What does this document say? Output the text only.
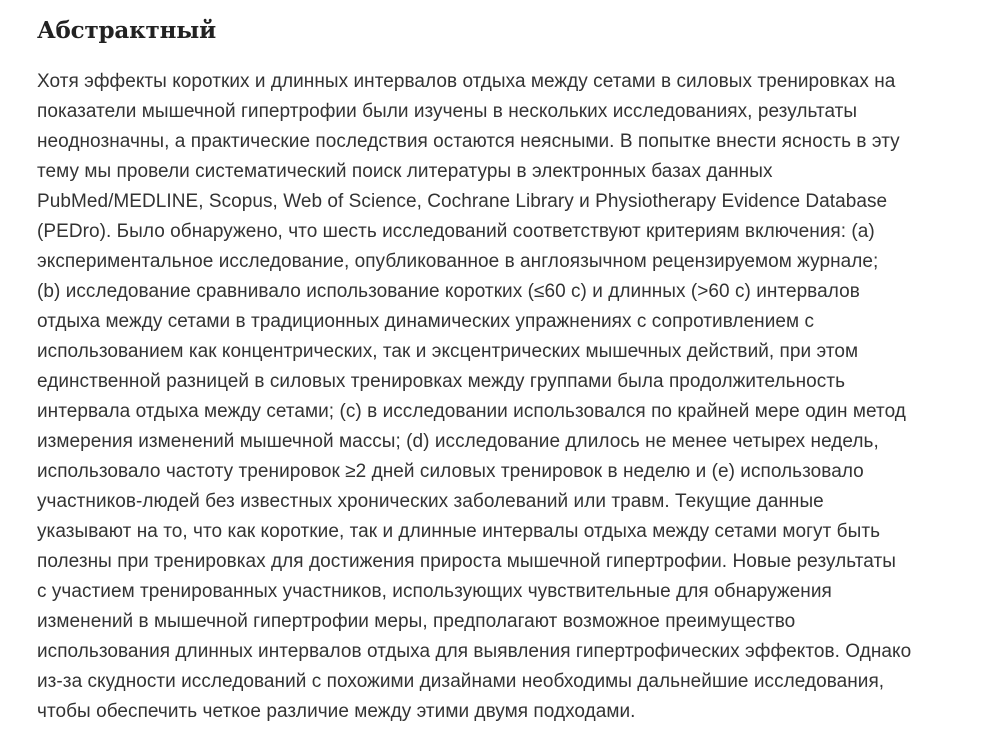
Абстрактный

Хотя эффекты коротких и длинных интервалов отдыха между сетами в силовых тренировках на
показатели мышечной гипертрофии были изучены в нескольких исследованиях, результаты
неоднозначны, а практические последствия остаются неясными. В попытке внести ясность в эту
тему мы провели систематический поиск литературы в электронных базах данных
PubMed/MEDLINE, Scopus, Web of Science, Cochrane Library и Physiotherapy Evidence Database
(PEDro). Было обнаружено, что шесть исследований соответствуют критериям включения: (a)
экспериментальное исследование, опубликованное в англоязычном рецензируемом журнале;
(b) исследование сравнивало использование коротких (≤60 с) и длинных (>60 с) интервалов
отдыха между сетами в традиционных динамических упражнениях с сопротивлением с
использованием как концентрических, так и эксцентрических мышечных действий, при этом
единственной разницей в силовых тренировках между группами была продолжительность
интервала отдыха между сетами; (c) в исследовании использовался по крайней мере один метод
измерения изменений мышечной массы; (d) исследование длилось не менее четырех недель,
использовало частоту тренировок ≥2 дней силовых тренировок в неделю и (e) использовало
участников-людей без известных хронических заболеваний или травм. Текущие данные
указывают на то, что как короткие, так и длинные интервалы отдыха между сетами могут быть
полезны при тренировках для достижения прироста мышечной гипертрофии. Новые результаты
с участием тренированных участников, использующих чувствительные для обнаружения
изменений в мышечной гипертрофии меры, предполагают возможное преимущество
использования длинных интервалов отдыха для выявления гипертрофических эффектов. Однако
из-за скудности исследований с похожими дизайнами необходимы дальнейшие исследования,
чтобы обеспечить четкое различие между этими двумя подходами.
